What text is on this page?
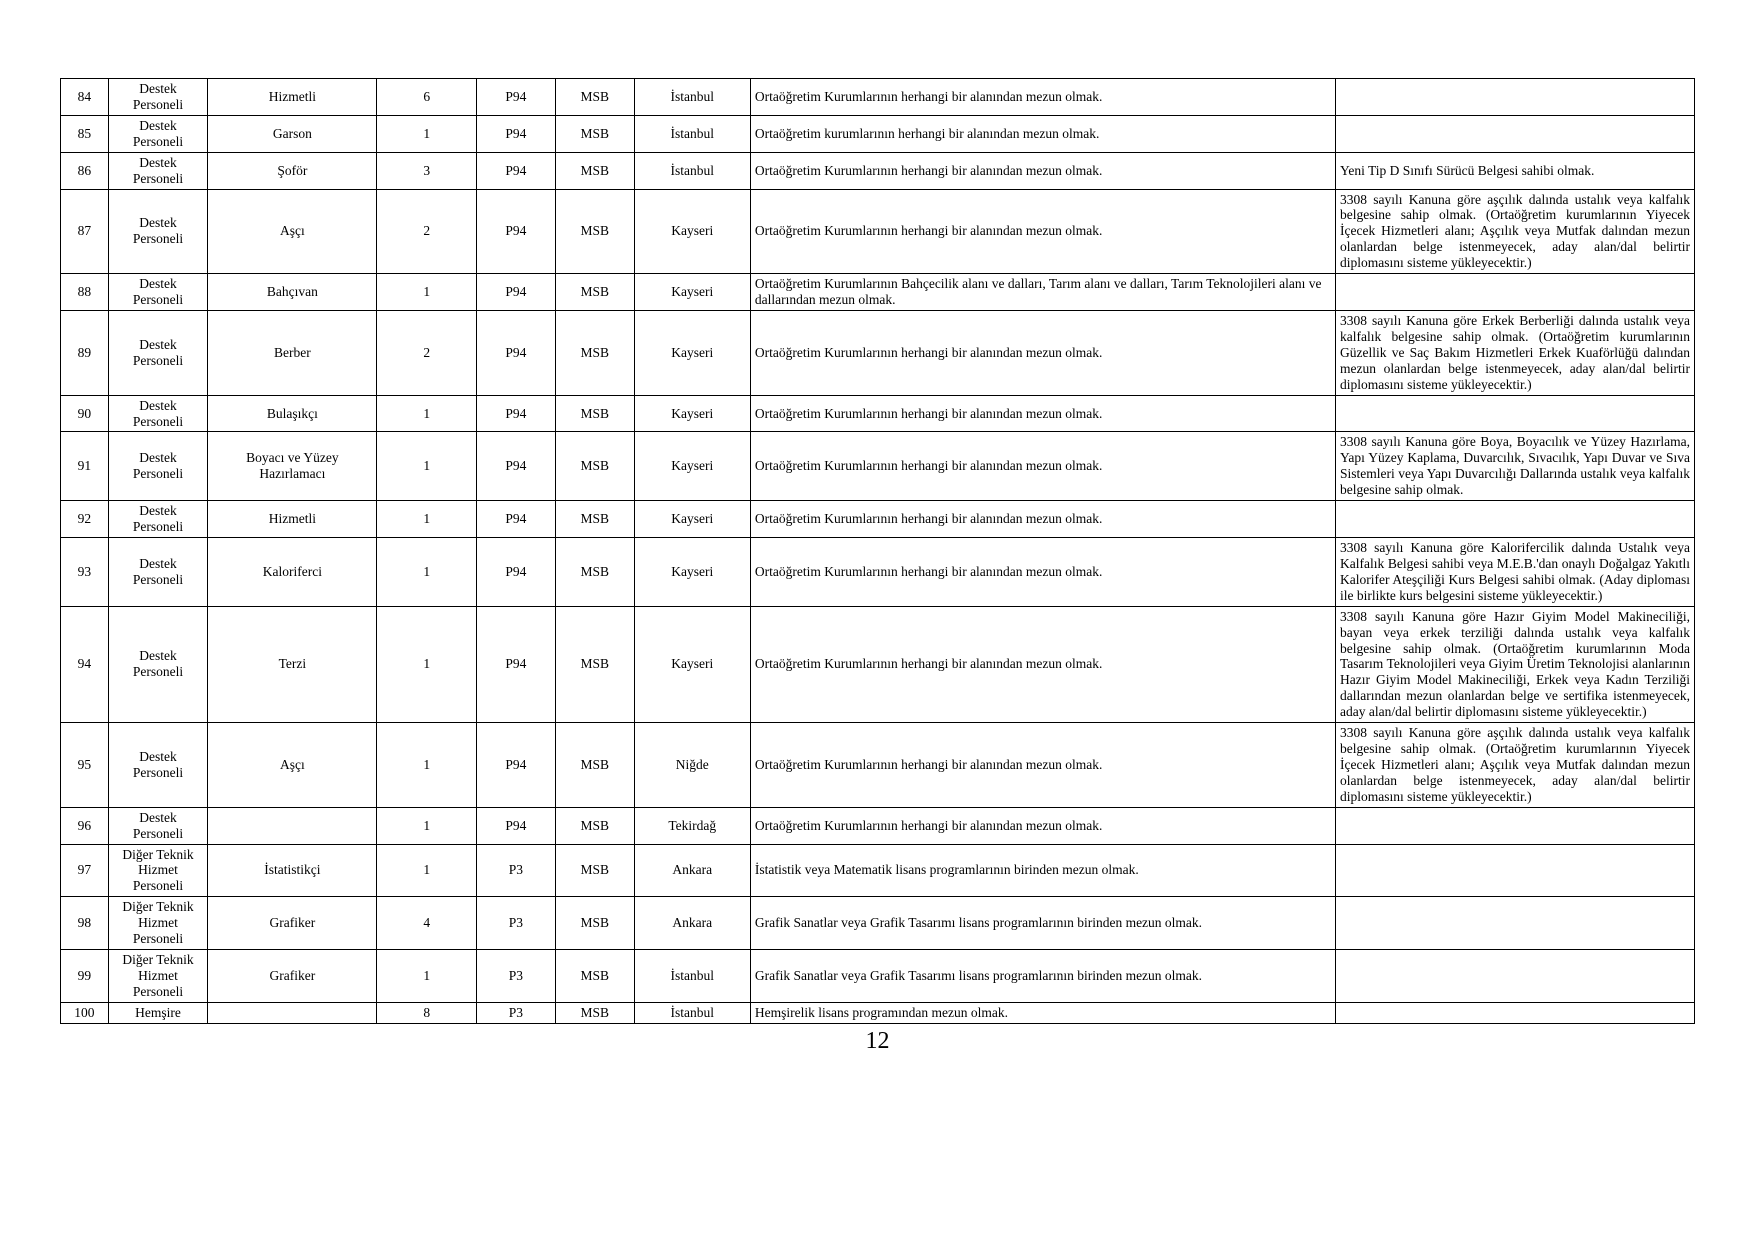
84	Destek Personeli	Hizmetli	6	P94	MSB	İstanbul	Ortaöğretim Kurumlarının herhangi bir alanından mezun olmak.	
85	Destek Personeli	Garson	1	P94	MSB	İstanbul	Ortaöğretim kurumlarının herhangi bir alanından mezun olmak.	
86	Destek Personeli	Şoför	3	P94	MSB	İstanbul	Ortaöğretim Kurumlarının herhangi bir alanından mezun olmak.	Yeni Tip D Sınıfı Sürücü Belgesi sahibi olmak.
87	Destek Personeli	Aşçı	2	P94	MSB	Kayseri	Ortaöğretim Kurumlarının herhangi bir alanından mezun olmak.	3308 sayılı Kanuna göre aşçılık dalında ustalık veya kalfalık belgesine sahip olmak. (Ortaöğretim kurumlarının Yiyecek İçecek Hizmetleri alanı; Aşçılık veya Mutfak dalından mezun olanlardan belge istenmeyecek, aday alan/dal belirtir diplomasını sisteme yükleyecektir.)
88	Destek Personeli	Bahçıvan	1	P94	MSB	Kayseri	Ortaöğretim Kurumlarının Bahçecilik alanı ve dalları, Tarım alanı ve dalları, Tarım Teknolojileri alanı ve dallarından mezun olmak.	
89	Destek Personeli	Berber	2	P94	MSB	Kayseri	Ortaöğretim Kurumlarının herhangi bir alanından mezun olmak.	3308 sayılı Kanuna göre Erkek Berberliği dalında ustalık veya kalfalık belgesine sahip olmak. (Ortaöğretim kurumlarının Güzellik ve Saç Bakım Hizmetleri Erkek Kuaförlüğü dalından mezun olanlardan belge istenmeyecek, aday alan/dal belirtir diplomasını sisteme yükleyecektir.)
90	Destek Personeli	Bulaşıkçı	1	P94	MSB	Kayseri	Ortaöğretim Kurumlarının herhangi bir alanından mezun olmak.	
91	Destek Personeli	Boyacı ve Yüzey Hazırlamacı	1	P94	MSB	Kayseri	Ortaöğretim Kurumlarının herhangi bir alanından mezun olmak.	3308 sayılı Kanuna göre Boya, Boyacılık ve Yüzey Hazırlama, Yapı Yüzey Kaplama, Duvarcılık, Sıvacılık, Yapı Duvar ve Sıva Sistemleri veya Yapı Duvarcılığı Dallarında ustalık veya kalfalık belgesine sahip olmak.
92	Destek Personeli	Hizmetli	1	P94	MSB	Kayseri	Ortaöğretim Kurumlarının herhangi bir alanından mezun olmak.	
93	Destek Personeli	Kaloriferci	1	P94	MSB	Kayseri	Ortaöğretim Kurumlarının herhangi bir alanından mezun olmak.	3308 sayılı Kanuna göre Kalorifercilik dalında Ustalık veya Kalfalık Belgesi sahibi veya M.E.B.'dan onaylı Doğalgaz Yakıtlı Kalorifer Ateşçiliği Kurs Belgesi sahibi olmak. (Aday diploması ile birlikte kurs belgesini sisteme yükleyecektir.)
94	Destek Personeli	Terzi	1	P94	MSB	Kayseri	Ortaöğretim Kurumlarının herhangi bir alanından mezun olmak.	3308 sayılı Kanuna göre Hazır Giyim Model Makineciliği, bayan veya erkek terziliği dalında ustalık veya kalfalık belgesine sahip olmak. (Ortaöğretim kurumlarının Moda Tasarım Teknolojileri veya Giyim Üretim Teknolojisi alanlarının Hazır Giyim Model Makineciliği, Erkek veya Kadın Terziliği dallarından mezun olanlardan belge ve sertifika istenmeyecek, aday alan/dal belirtir diplomasını sisteme yükleyecektir.)
95	Destek Personeli	Aşçı	1	P94	MSB	Niğde	Ortaöğretim Kurumlarının herhangi bir alanından mezun olmak.	3308 sayılı Kanuna göre aşçılık dalında ustalık veya kalfalık belgesine sahip olmak. (Ortaöğretim kurumlarının Yiyecek İçecek Hizmetleri alanı; Aşçılık veya Mutfak dalından mezun olanlardan belge istenmeyecek, aday alan/dal belirtir diplomasını sisteme yükleyecektir.)
96	Destek Personeli		1	P94	MSB	Tekirdağ	Ortaöğretim Kurumlarının herhangi bir alanından mezun olmak.	
97	Diğer Teknik Hizmet Personeli	İstatistikçi	1	P3	MSB	Ankara	İstatistik veya Matematik lisans programlarının birinden mezun olmak.	
98	Diğer Teknik Hizmet Personeli	Grafiker	4	P3	MSB	Ankara	Grafik Sanatlar veya Grafik Tasarımı lisans programlarının birinden mezun olmak.	
99	Diğer Teknik Hizmet Personeli	Grafiker	1	P3	MSB	İstanbul	Grafik Sanatlar veya Grafik Tasarımı lisans programlarının birinden mezun olmak.	
100	Hemşire		8	P3	MSB	İstanbul	Hemşirelik lisans programından mezun olmak.	
12
